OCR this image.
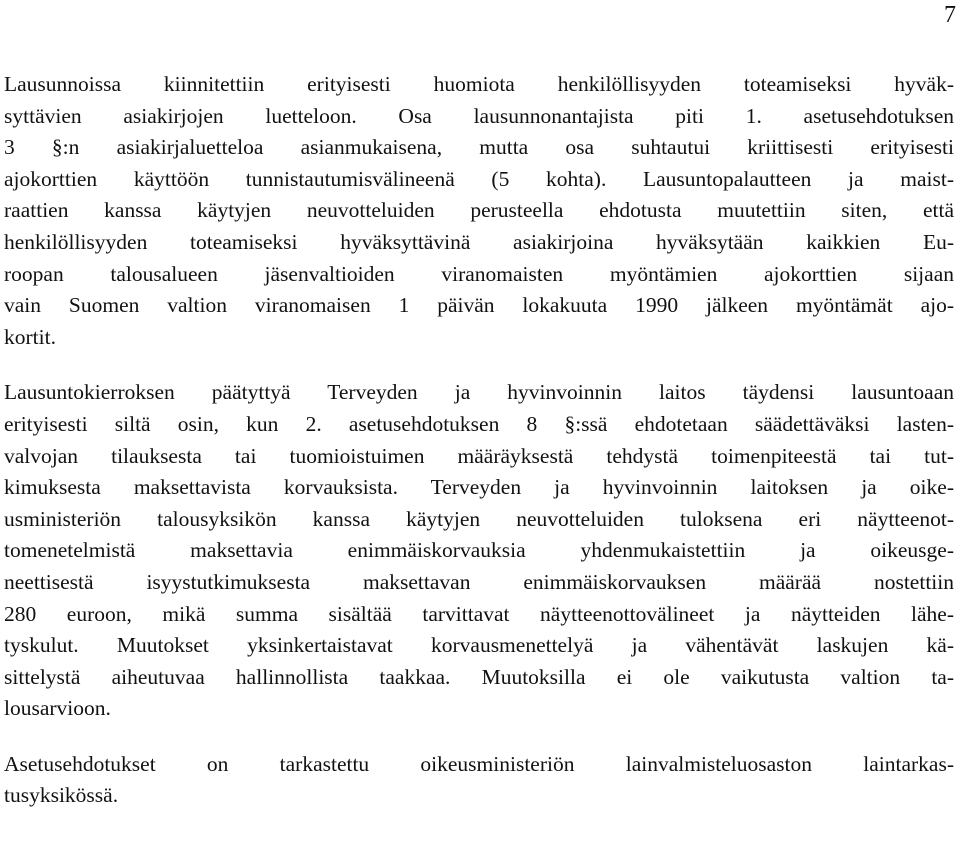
7

Lausunnoissa kiinnitettiin erityisesti huomiota henkilöllisyyden toteamiseksi hyväk-
syttävien asiakirjojen luetteloon. Osa lausunnonantajista piti 1. asetusehdotuksen
3 §:n asiakirjaluetteloa asianmukaisena, mutta osa suhtautui kriittisesti erityisesti
ajokorttien käyttöön tunnistautumisvälineenä (5 kohta). Lausuntopalautteen ja maist-
raattien kanssa käytyjen neuvotteluiden perusteella ehdotusta muutettiin siten, että
henkilöllisyyden toteamiseksi hyväksyttävinä asiakirjoina hyväksytään kaikkien Eu-
roopan talousalueen jäsenvaltioiden viranomaisten myöntämien ajokorttien sijaan
vain Suomen valtion viranomaisen 1 päivän lokakuuta 1990 jälkeen myöntämät ajo-
kortit.

Lausuntokierroksen päätyttyä Terveyden ja hyvinvoinnin laitos täydensi lausuntoaan
erityisesti siltä osin, kun 2. asetusehdotuksen 8 §:ssä ehdotetaan säädettäväksi lasten-
valvojan tilauksesta tai tuomioistuimen määräyksestä tehdystä toimenpiteestä tai tut-
kimuksesta maksettavista korvauksista. Terveyden ja hyvinvoinnin laitoksen ja oike-
usministeriön talousyksikön kanssa käytyjen neuvotteluiden tuloksena eri näytteenot-
tomenetelmistä maksettavia enimmäiskorvauksia yhdenmukaistettiin ja oikeusge-
neettisestä isyystutkimuksesta maksettavan enimmäiskorvauksen määrää nostettiin
280 euroon, mikä summa sisältää tarvittavat näytteenottovälineet ja näytteiden lähe-
tyskulut. Muutokset yksinkertaistavat korvausmenettelyä ja vähentävät laskujen kä-
sittelystä aiheutuvaa hallinnollista taakkaa. Muutoksilla ei ole vaikutusta valtion ta-
lousarvioon.

Asetusehdotukset on tarkastettu oikeusministeriön lainvalmisteluosaston laintarkas-
tusyksikössä.
